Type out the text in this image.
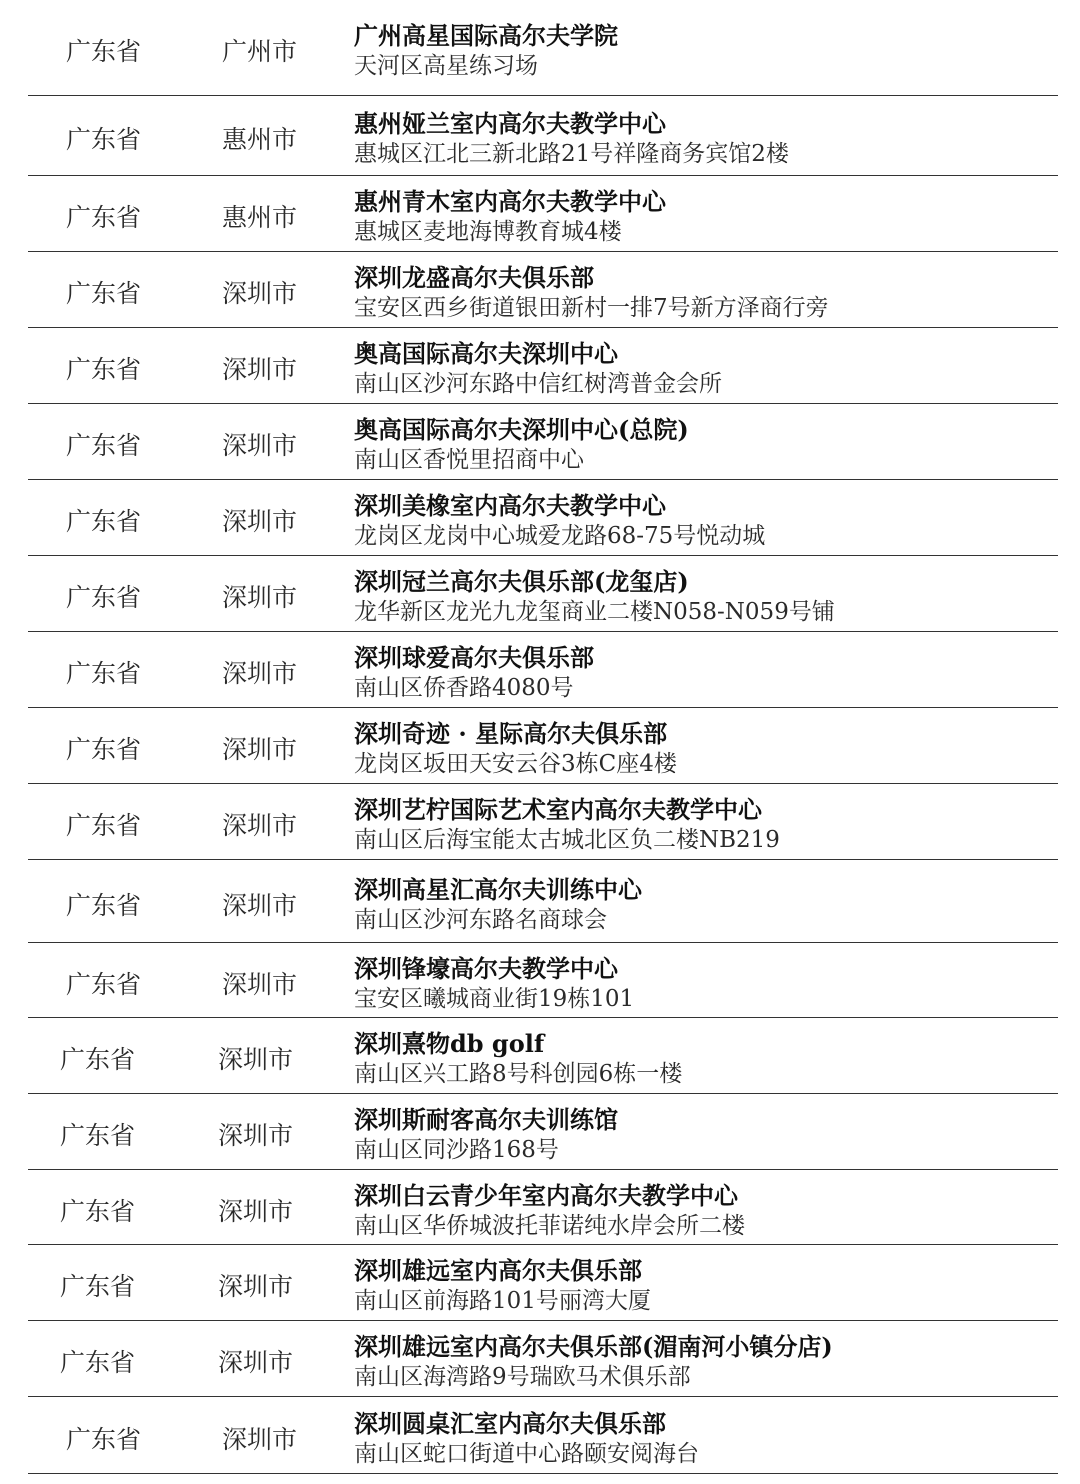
广东省	广州市
广州高星国际高尔夫学院
天河区高星练习场
广东省	惠州市
惠州娅兰室内高尔夫教学中心
惠城区江北三新北路21号祥隆商务宾馆2楼
广东省	惠州市
惠州青木室内高尔夫教学中心
惠城区麦地海博教育城4楼
广东省	深圳市
深圳龙盛高尔夫俱乐部
宝安区西乡街道银田新村一排7号新方泽商行旁
广东省	深圳市
奥高国际高尔夫深圳中心
南山区沙河东路中信红树湾普金会所
广东省	深圳市
奥高国际高尔夫深圳中心(总院)
南山区香悦里招商中心
广东省	深圳市
深圳美橡室内高尔夫教学中心
龙岗区龙岗中心城爱龙路68-75号悦动城
广东省	深圳市
深圳冠兰高尔夫俱乐部(龙玺店)
龙华新区龙光九龙玺商业二楼N058-N059号铺
广东省	深圳市
深圳球爱高尔夫俱乐部
南山区侨香路4080号
广东省	深圳市
深圳奇迹 · 星际高尔夫俱乐部
龙岗区坂田天安云谷3栋C座4楼
广东省	深圳市
深圳艺柠国际艺术室内高尔夫教学中心
南山区后海宝能太古城北区负二楼NB219
广东省	深圳市
深圳高星汇高尔夫训练中心
南山区沙河东路名商球会
广东省	深圳市
深圳锋壕高尔夫教学中心
宝安区曦城商业街19栋101
广东省	深圳市
深圳熹物db golf
南山区兴工路8号科创园6栋一楼
广东省	深圳市
深圳斯耐客高尔夫训练馆
南山区同沙路168号
广东省	深圳市
深圳白云青少年室内高尔夫教学中心
南山区华侨城波托菲诺纯水岸会所二楼
广东省	深圳市
深圳雄远室内高尔夫俱乐部
南山区前海路101号丽湾大厦
广东省	深圳市
深圳雄远室内高尔夫俱乐部(湄南河小镇分店)
南山区海湾路9号瑞欧马术俱乐部
广东省	深圳市
深圳圆桌汇室内高尔夫俱乐部
南山区蛇口街道中心路颐安阅海台
